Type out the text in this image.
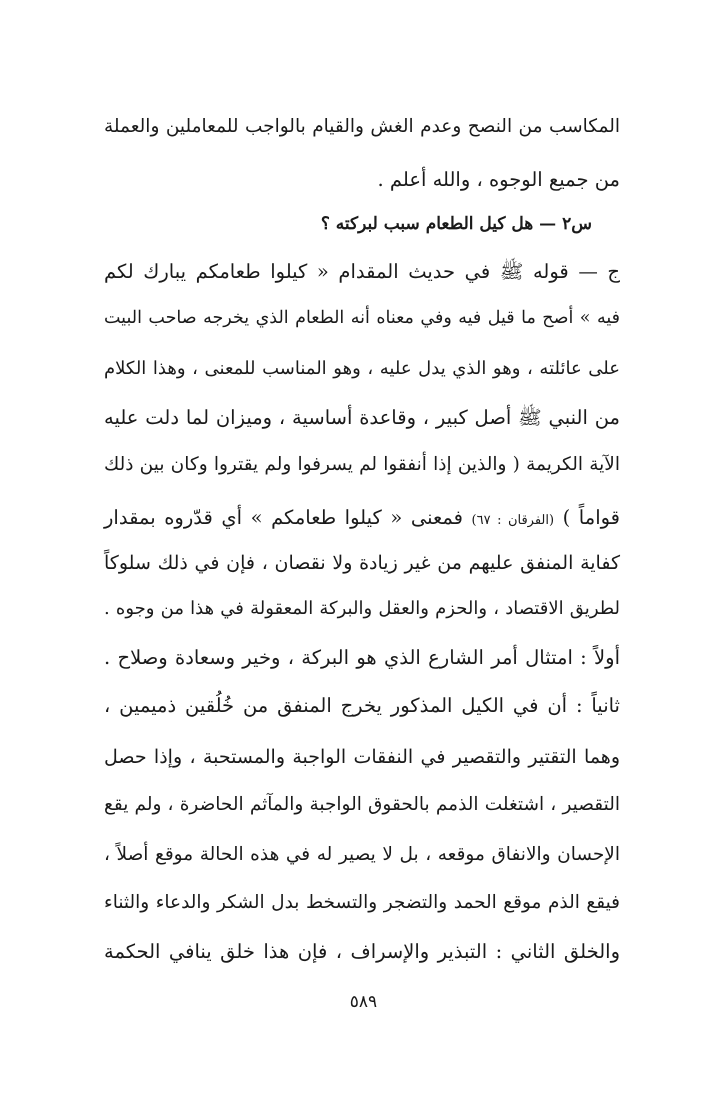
المكاسب من النصح وعدم الغش والقيام بالواجب للمعاملين والعملة
من جميع الوجوه ، والله أعلم .
س٢ — هل كيل الطعام سبب لبركته ؟
ج — قوله ﷺ في حديث المقدام « كيلوا طعامكم يبارك لكم
فيه » أصح ما قيل فيه وفي معناه أنه الطعام الذي يخرجه صاحب البيت
على عائلته ، وهو الذي يدل عليه ، وهو المناسب للمعنى ، وهذا الكلام
من النبي ﷺ أصل كبير ، وقاعدة أساسية ، وميزان لما دلت عليه
الآية الكريمة ( والذين إذا أنفقوا لم يسرفوا ولم يقتروا وكان بين ذلك
قواماً ) (الفرقان : ٦٧) فمعنى « كيلوا طعامكم » أي قدّروه بمقدار
كفاية المنفق عليهم من غير زيادة ولا نقصان ، فإن في ذلك سلوكاً
لطريق الاقتصاد ، والحزم والعقل والبركة المعقولة في هذا من وجوه .
أولاً : امتثال أمر الشارع الذي هو البركة ، وخير وسعادة وصلاح .
ثانياً : أن في الكيل المذكور يخرج المنفق من خُلُقين ذميمين ،
وهما التقتير والتقصير في النفقات الواجبة والمستحبة ، وإذا حصل
التقصير ، اشتغلت الذمم بالحقوق الواجبة والمآثم الحاضرة ، ولم يقع
الإحسان والانفاق موقعه ، بل لا يصير له في هذه الحالة موقع أصلاً ،
فيقع الذم موقع الحمد والتضجر والتسخط بدل الشكر والدعاء والثناء
والخلق الثاني : التبذير والإسراف ، فإن هذا خلق ينافي الحكمة
٥٨٩
